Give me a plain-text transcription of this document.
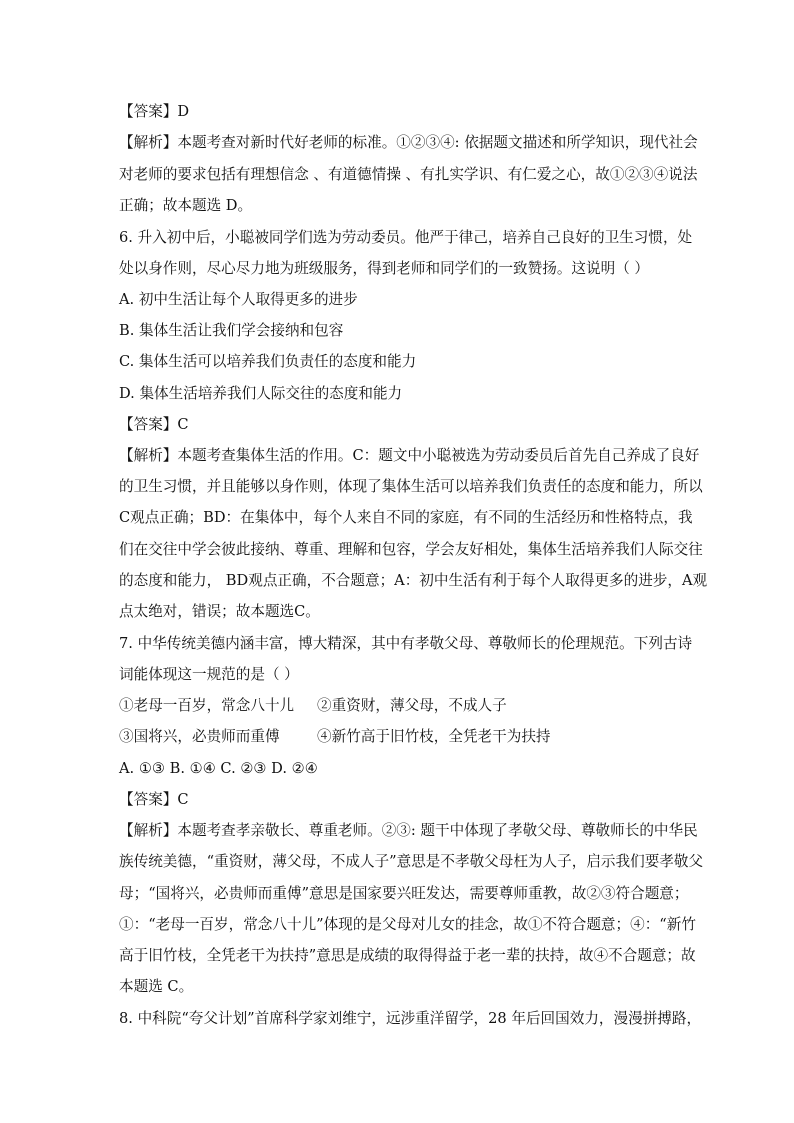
【答案】D
【解析】本题考查对新时代好老师的标准。①②③④: 依据题文描述和所学知识，现代社会
对老师的要求包括有理想信念 、有道德情操 、有扎实学识、有仁爱之心，故①②③④说法
正确；故本题选 D。
6. 升入初中后，小聪被同学们选为劳动委员。他严于律己，培养自己良好的卫生习惯，处
处以身作则，尽心尽力地为班级服务，得到老师和同学们的一致赞扬。这说明（ ）
A. 初中生活让每个人取得更多的进步
B. 集体生活让我们学会接纳和包容
C. 集体生活可以培养我们负责任的态度和能力
D. 集体生活培养我们人际交往的态度和能力
【答案】C
【解析】本题考查集体生活的作用。C：题文中小聪被选为劳动委员后首先自己养成了良好
的卫生习惯，并且能够以身作则，体现了集体生活可以培养我们负责任的态度和能力，所以
C观点正确；BD：在集体中，每个人来自不同的家庭，有不同的生活经历和性格特点，我
们在交往中学会彼此接纳、尊重、理解和包容，学会友好相处，集体生活培养我们人际交往
的态度和能力， BD观点正确，不合题意；A：初中生活有利于每个人取得更多的进步，A观
点太绝对，错误；故本题选C。
7. 中华传统美德内涵丰富，博大精深，其中有孝敬父母、尊敬师长的伦理规范。下列古诗
词能体现这一规范的是（ ）
①老母一百岁，常念八十儿	②重资财，薄父母，不成人子
③国将兴，必贵师而重傅	④新竹高于旧竹枝，全凭老干为扶持
A. ①③ B. ①④ C. ②③ D. ②④
【答案】C
【解析】本题考查孝亲敬长、尊重老师。②③: 题干中体现了孝敬父母、尊敬师长的中华民
族传统美德，“重资财，薄父母，不成人子”意思是不孝敬父母枉为人子，启示我们要孝敬父
母；“国将兴，必贵师而重傅”意思是国家要兴旺发达，需要尊师重教，故②③符合题意；
①：“老母一百岁，常念八十儿”体现的是父母对儿女的挂念，故①不符合题意；④：“新竹
高于旧竹枝，全凭老干为扶持”意思是成绩的取得得益于老一辈的扶持，故④不合题意；故
本题选 C。
8. 中科院“夸父计划”首席科学家刘维宁，远涉重洋留学，28 年后回国效力，漫漫拼搏路，
